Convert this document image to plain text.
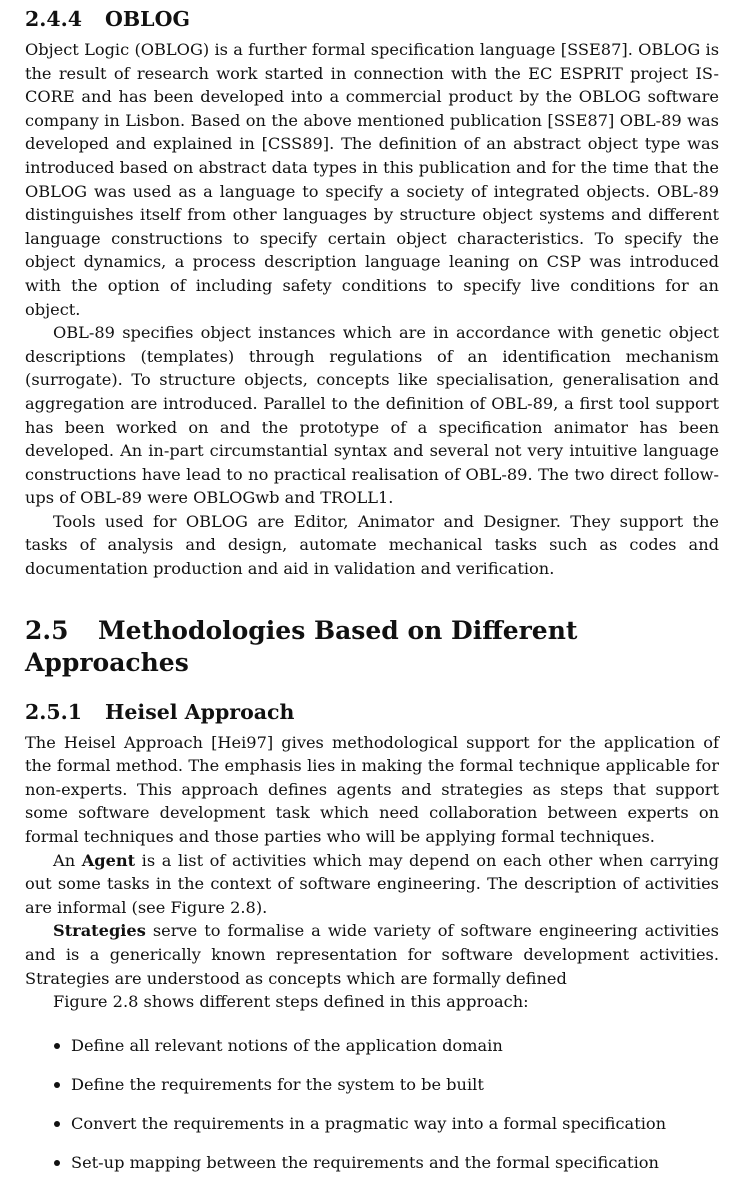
2.4.4 OBLOG

Object Logic (OBLOG) is a further formal specification language [SSE87]. OBLOG is the result of research work started in connection with the EC ESPRIT project IS-CORE and has been developed into a commercial product by the OBLOG software company in Lisbon. Based on the above mentioned publication [SSE87] OBL-89 was developed and explained in [CSS89]. The definition of an abstract object type was introduced based on abstract data types in this publication and for the time that the OBLOG was used as a language to specify a society of integrated objects. OBL-89 distinguishes itself from other languages by structure object systems and different language constructions to specify certain object characteristics. To specify the object dynamics, a process description language leaning on CSP was introduced with the option of including safety conditions to specify live conditions for an object.

OBL-89 specifies object instances which are in accordance with genetic object descriptions (templates) through regulations of an identification mechanism (surrogate). To structure objects, concepts like specialisation, generalisation and aggregation are introduced. Parallel to the definition of OBL-89, a first tool support has been worked on and the prototype of a specification animator has been developed. An in-part circumstantial syntax and several not very intuitive language constructions have lead to no practical realisation of OBL-89. The two direct follow-ups of OBL-89 were OBLOGwb and TROLL1.

Tools used for OBLOG are Editor, Animator and Designer. They support the tasks of analysis and design, automate mechanical tasks such as codes and documentation production and aid in validation and verification.

2.5 Methodologies Based on Different Approaches
2.5.1 Heisel Approach

The Heisel Approach [Hei97] gives methodological support for the application of the formal method. The emphasis lies in making the formal technique applicable for non-experts. This approach defines agents and strategies as steps that support some software development task which need collaboration between experts on formal techniques and those parties who will be applying formal techniques.

An Agent is a list of activities which may depend on each other when carrying out some tasks in the context of software engineering. The description of activities are informal (see Figure 2.8).

Strategies serve to formalise a wide variety of software engineering activities and is a generically known representation for software development activities. Strategies are understood as concepts which are formally defined

Figure 2.8 shows different steps defined in this approach:

Define all relevant notions of the application domain
Define the requirements for the system to be built
Convert the requirements in a pragmatic way into a formal specification
Set-up mapping between the requirements and the formal specification
